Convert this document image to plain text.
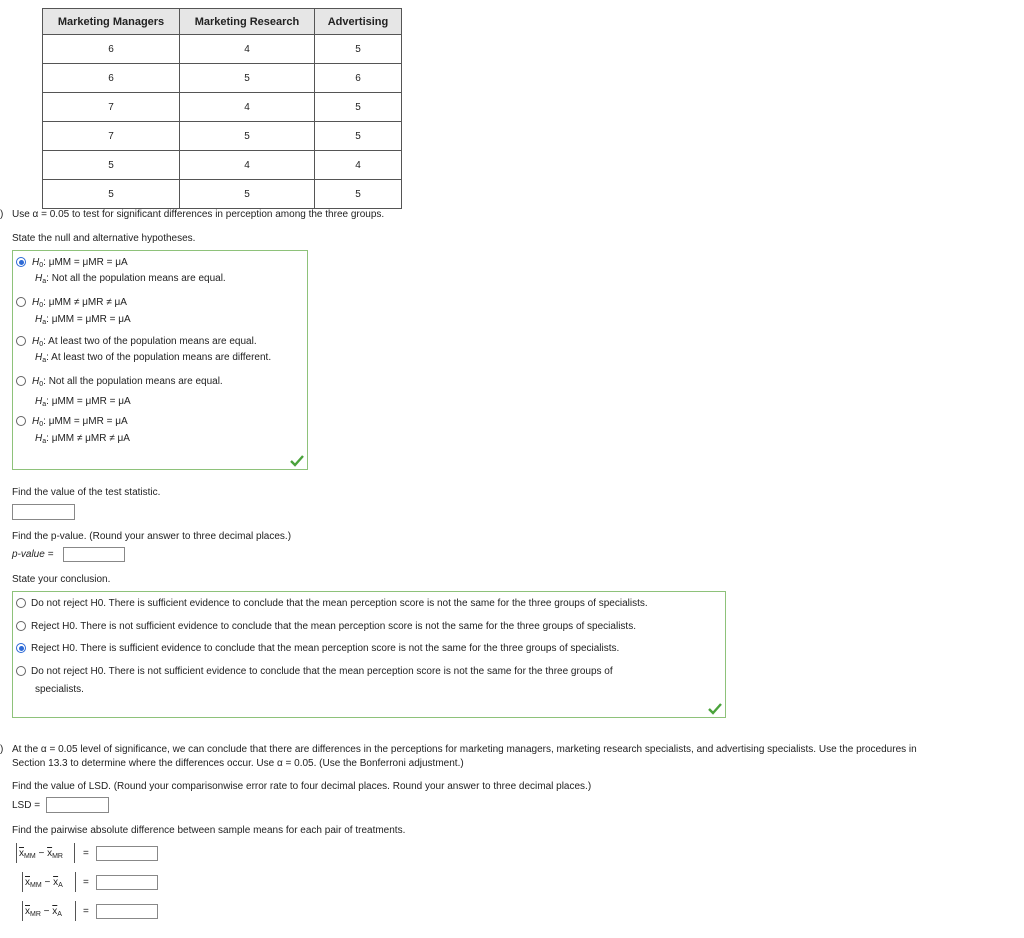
Marketing Managers	Marketing Research	Advertising
6	4	5
6	5	6
7	4	5
7	5	5
5	4	4
5	5	5
) Use α = 0.05 to test for significant differences in perception among the three groups.
State the null and alternative hypotheses.
$H_0$: μMM = μMR = μA
$H_a$: Not all the population means are equal.
$H_0$: μMM ≠ μMR ≠ μA
$H_a$: μMM = μMR = μA
$H_0$: At least two of the population means are equal.
$H_a$: At least two of the population means are different.
$H_0$: Not all the population means are equal.
$H_a$: μMM = μMR = μA
$H_0$: μMM = μMR = μA
$H_a$: μMM ≠ μMR ≠ μA
Find the value of the test statistic.
Find the p-value. (Round your answer to three decimal places.)
p-value =
State your conclusion.
Do not reject H0. There is sufficient evidence to conclude that the mean perception score is not the same for the three groups of specialists.
Reject H0. There is not sufficient evidence to conclude that the mean perception score is not the same for the three groups of specialists.
Reject H0. There is sufficient evidence to conclude that the mean perception score is not the same for the three groups of specialists.
Do not reject H0. There is not sufficient evidence to conclude that the mean perception score is not the same for the three groups of
specialists.
) At the α = 0.05 level of significance, we can conclude that there are differences in the perceptions for marketing managers, marketing research specialists, and advertising specialists. Use the procedures in
Section 13.3 to determine where the differences occur. Use α = 0.05. (Use the Bonferroni adjustment.)
Find the value of LSD. (Round your comparisonwise error rate to four decimal places. Round your answer to three decimal places.)
LSD =
Find the pairwise absolute difference between sample means for each pair of treatments.
$\overline{x}_{MM} - \overline{x}_{MR}$ =
$\overline{x}_{MM} - \overline{x}_A$ =
$\overline{x}_{MR} - \overline{x}_A$ =
